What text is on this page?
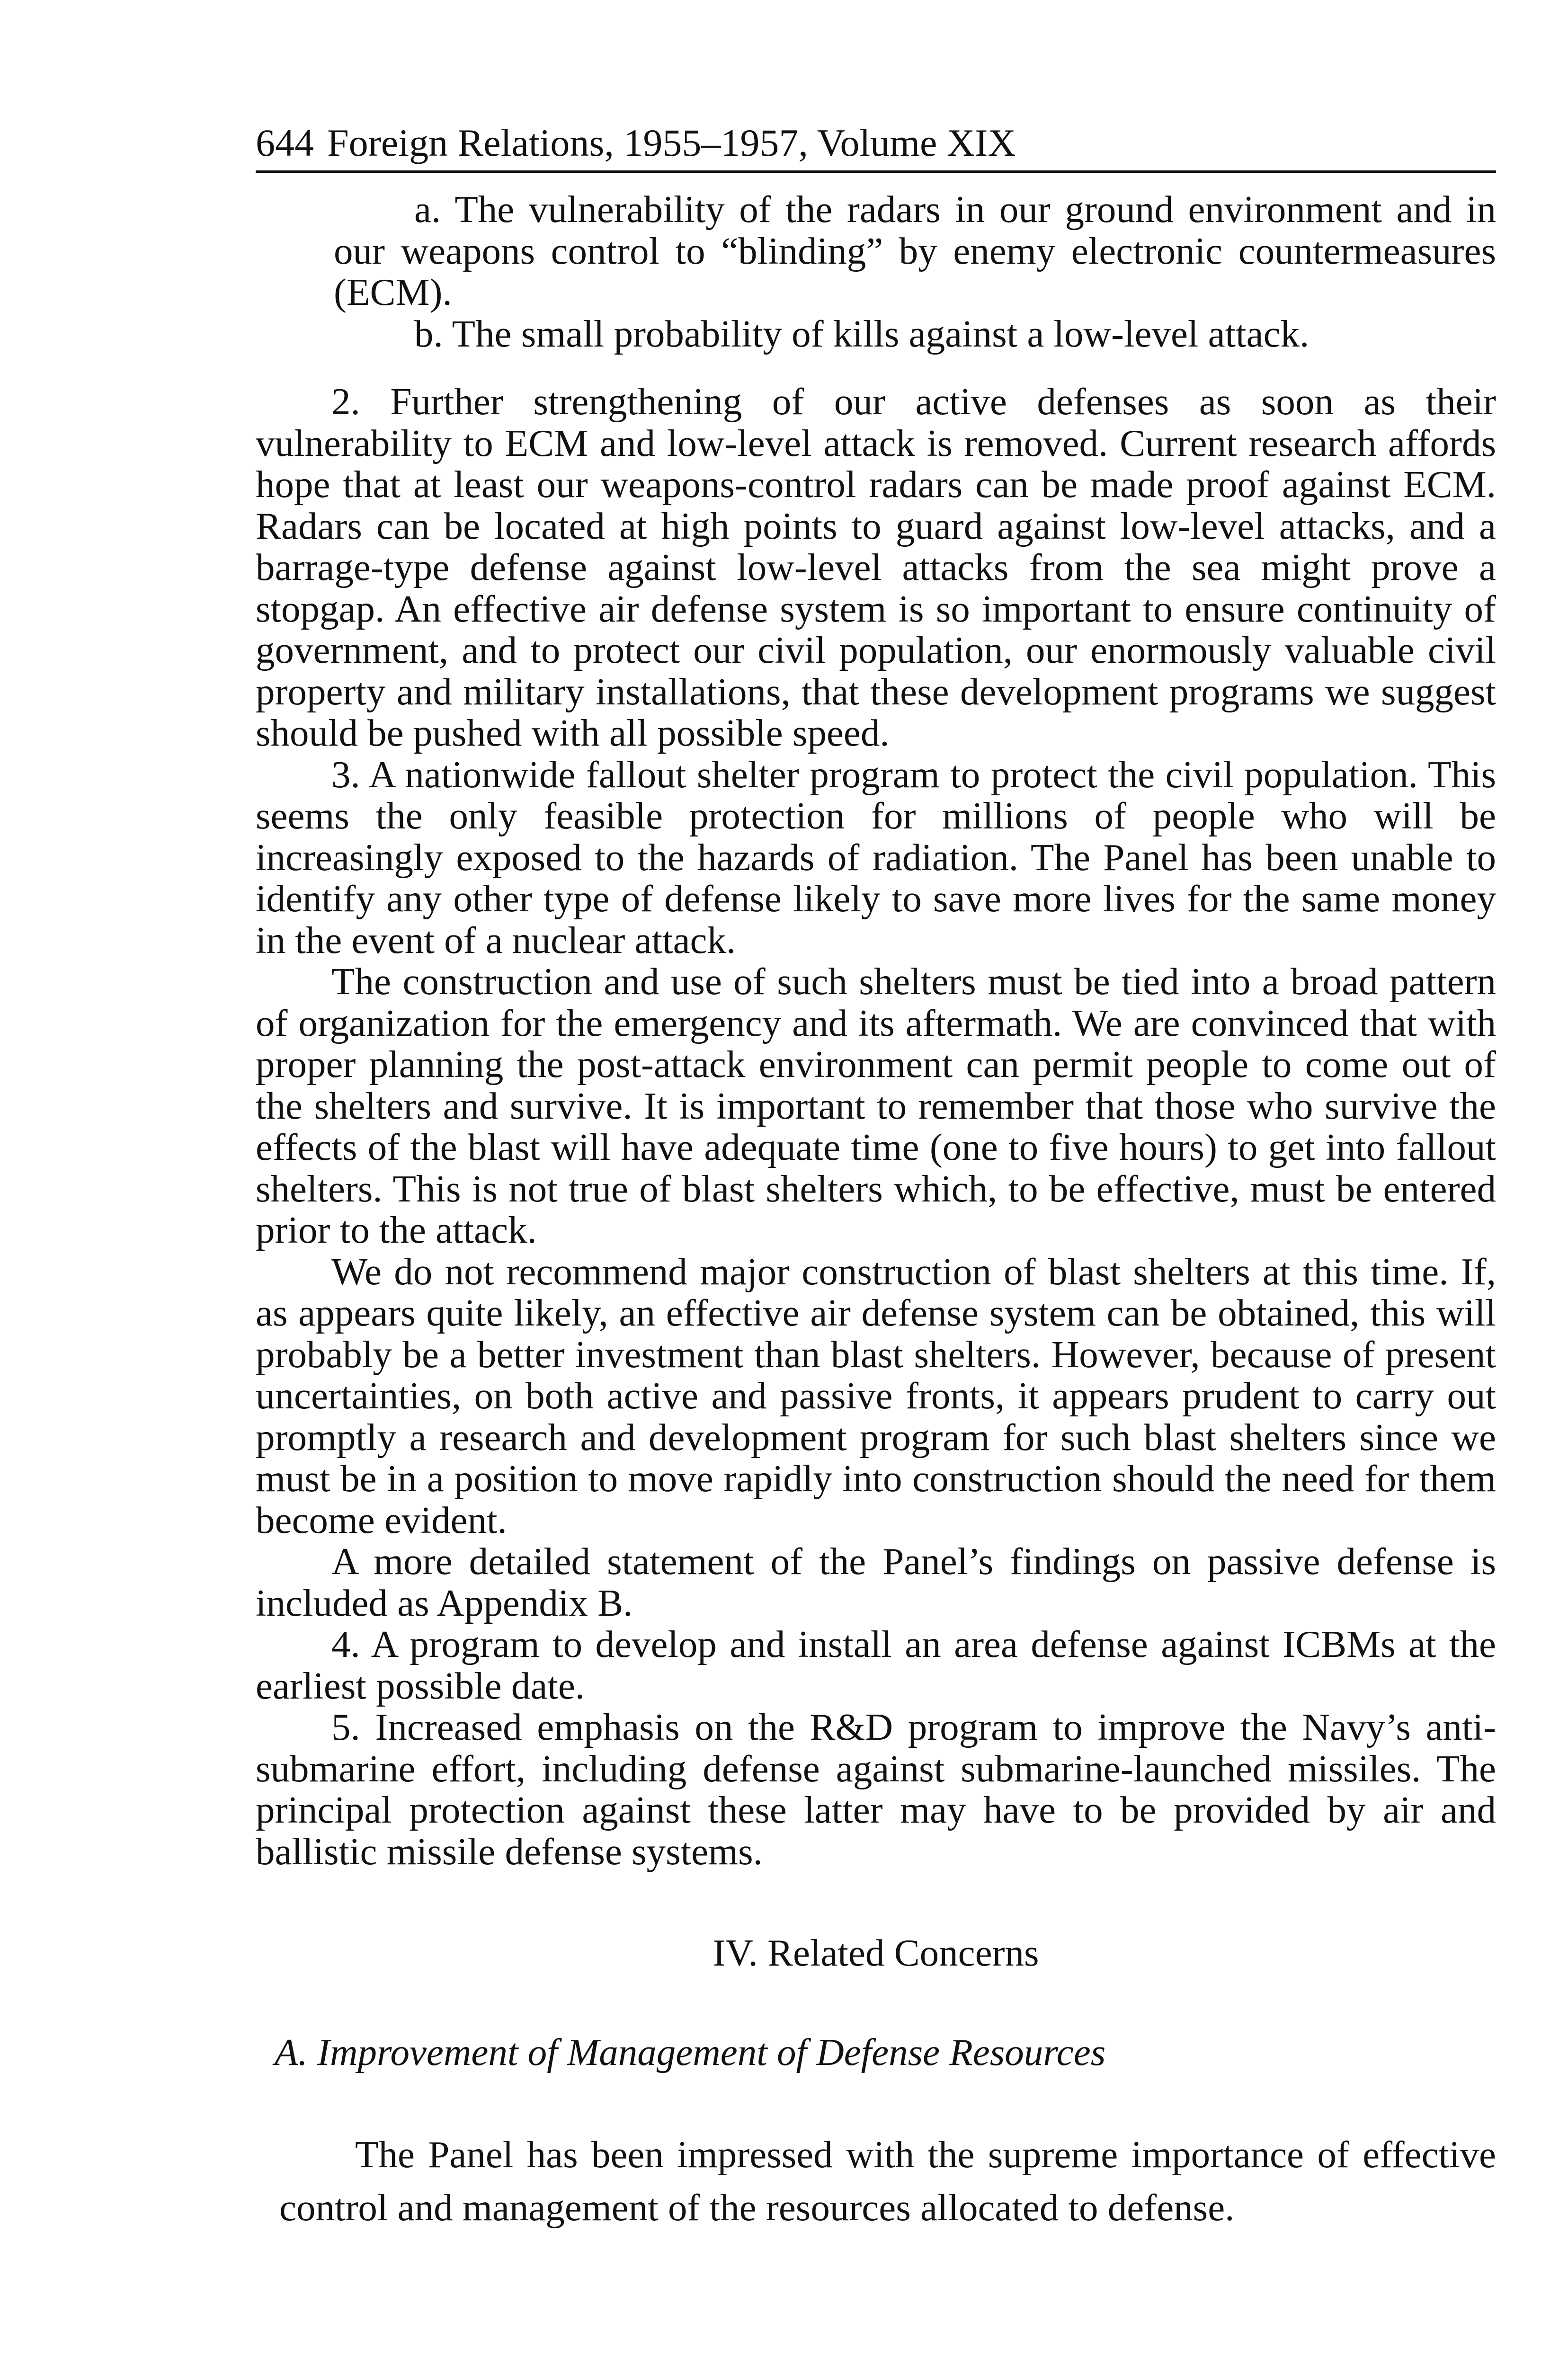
644 Foreign Relations, 1955–1957, Volume XIX

a. The vulnerability of the radars in our ground environment and in our weapons control to “blinding” by enemy electronic countermeasures (ECM).

b. The small probability of kills against a low-level attack.

2. Further strengthening of our active defenses as soon as their vulnerability to ECM and low-level attack is removed. Current research affords hope that at least our weapons-control radars can be made proof against ECM. Radars can be located at high points to guard against low-level attacks, and a barrage-type defense against low-level attacks from the sea might prove a stopgap. An effective air defense system is so important to ensure continuity of government, and to protect our civil population, our enormously valuable civil property and military installations, that these development programs we suggest should be pushed with all possible speed.

3. A nationwide fallout shelter program to protect the civil population. This seems the only feasible protection for millions of people who will be increasingly exposed to the hazards of radiation. The Panel has been unable to identify any other type of defense likely to save more lives for the same money in the event of a nuclear attack.

The construction and use of such shelters must be tied into a broad pattern of organization for the emergency and its aftermath. We are convinced that with proper planning the post-attack environment can permit people to come out of the shelters and survive. It is important to remember that those who survive the effects of the blast will have adequate time (one to five hours) to get into fallout shelters. This is not true of blast shelters which, to be effective, must be entered prior to the attack.

We do not recommend major construction of blast shelters at this time. If, as appears quite likely, an effective air defense system can be obtained, this will probably be a better investment than blast shelters. However, because of present uncertainties, on both active and passive fronts, it appears prudent to carry out promptly a research and development program for such blast shelters since we must be in a position to move rapidly into construction should the need for them become evident.

A more detailed statement of the Panel’s findings on passive defense is included as Appendix B.

4. A program to develop and install an area defense against ICBMs at the earliest possible date.

5. Increased emphasis on the R&D program to improve the Navy’s anti-submarine effort, including defense against submarine-launched missiles. The principal protection against these latter may have to be provided by air and ballistic missile defense systems.

IV. Related Concerns
A. Improvement of Management of Defense Resources

The Panel has been impressed with the supreme importance of effective control and management of the resources allocated to defense.
